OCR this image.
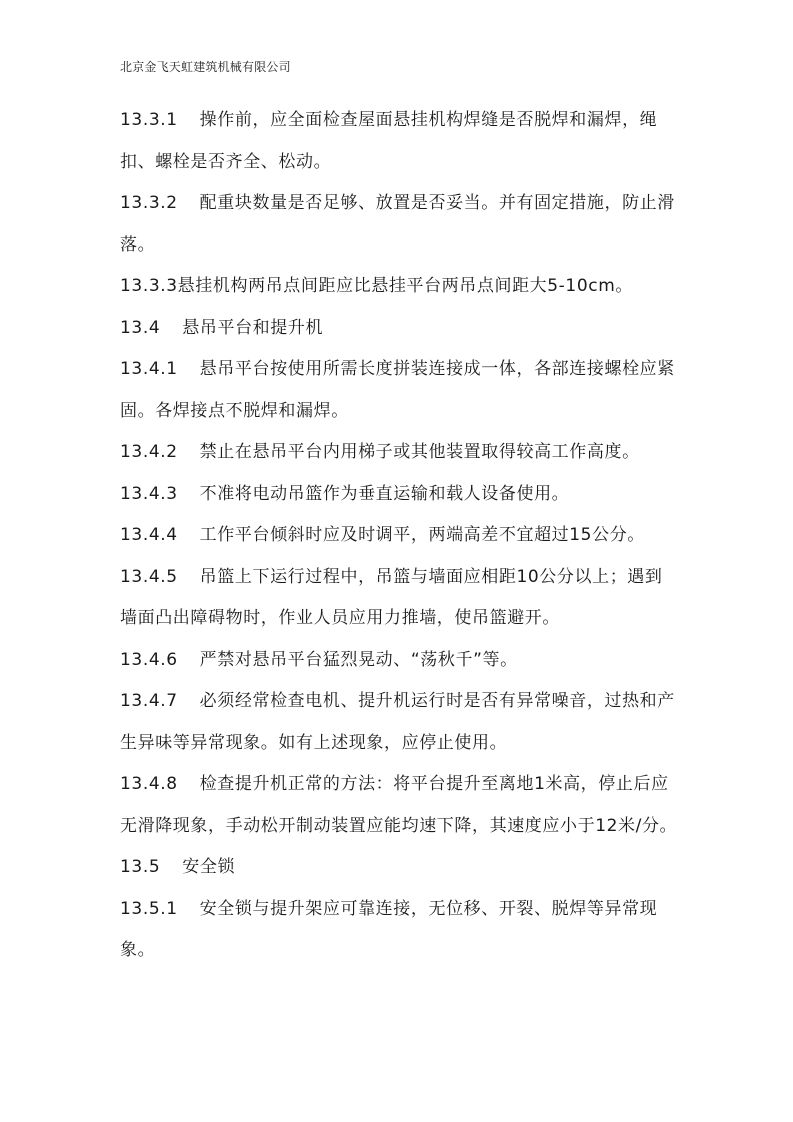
北京金飞天虹建筑机械有限公司

13.3.1 操作前，应全面检查屋面悬挂机构焊缝是否脱焊和漏焊，绳扣、螺栓是否齐全、松动。

13.3.2 配重块数量是否足够、放置是否妥当。并有固定措施，防止滑落。

13.3.3悬挂机构两吊点间距应比悬挂平台两吊点间距大5-10cm。

13.4 悬吊平台和提升机

13.4.1 悬吊平台按使用所需长度拼装连接成一体，各部连接螺栓应紧固。各焊接点不脱焊和漏焊。

13.4.2 禁止在悬吊平台内用梯子或其他装置取得较高工作高度。

13.4.3 不准将电动吊篮作为垂直运输和载人设备使用。

13.4.4 工作平台倾斜时应及时调平，两端高差不宜超过15公分。

13.4.5 吊篮上下运行过程中，吊篮与墙面应相距10公分以上；遇到墙面凸出障碍物时，作业人员应用力推墙，使吊篮避开。

13.4.6 严禁对悬吊平台猛烈晃动、“荡秋千”等。

13.4.7 必须经常检查电机、提升机运行时是否有异常噪音，过热和产生异味等异常现象。如有上述现象，应停止使用。

13.4.8 检查提升机正常的方法：将平台提升至离地1米高，停止后应无滑降现象，手动松开制动装置应能均速下降，其速度应小于12米/分。

13.5 安全锁

13.5.1 安全锁与提升架应可靠连接，无位移、开裂、脱焊等异常现象。
